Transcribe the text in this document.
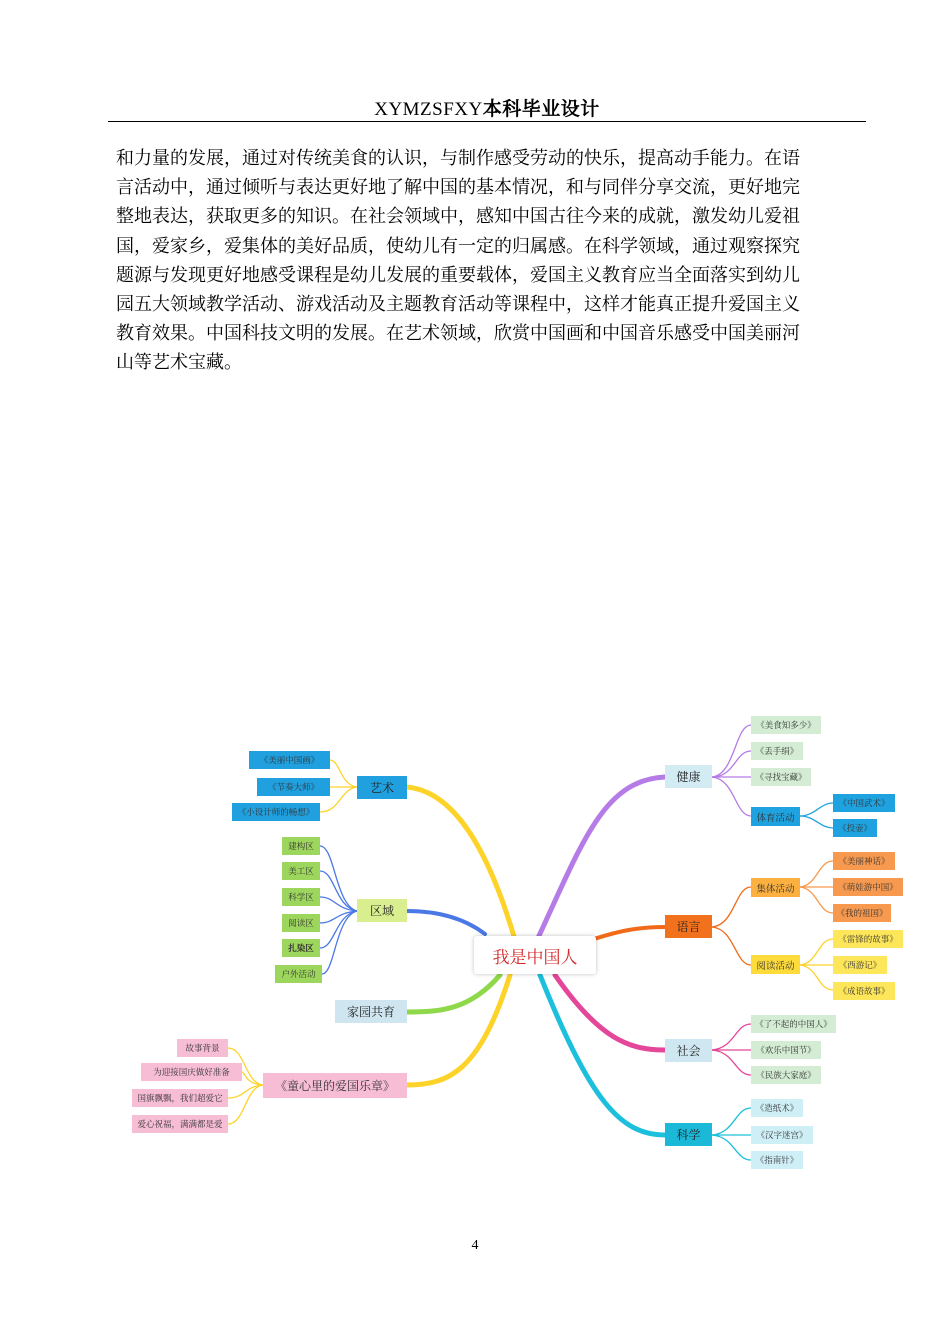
XYMZSFXY本科毕业设计

和力量的发展，通过对传统美食的认识，与制作感受劳动的快乐，提高动手能力。在语

言活动中，通过倾听与表达更好地了解中国的基本情况，和与同伴分享交流，更好地完

整地表达，获取更多的知识。在社会领域中，感知中国古往今来的成就，激发幼儿爱祖

国，爱家乡，爱集体的美好品质，使幼儿有一定的归属感。在科学领域，通过观察探究

题源与发现更好地感受课程是幼儿发展的重要载体，爱国主义教育应当全面落实到幼儿

园五大领域教学活动、游戏活动及主题教育活动等课程中，这样才能真正提升爱国主义

教育效果。中国科技文明的发展。在艺术领域，欣赏中国画和中国音乐感受中国美丽河

山等艺术宝藏。

我是中国人
健康
《美食知多少》
《丢手绢》
《寻找宝藏》
体育活动
《中国武术》
《投壶》
语言
集体活动
《美丽神话》
《萌娃游中国》
《我的祖国》
阅读活动
《雷锋的故事》
《西游记》
《成语故事》
社会
《了不起的中国人》
《欢乐中国节》
《民族大家庭》
科学
《造纸术》
《汉字迷宫》
《指南针》
艺术
《美丽中国画》
《节奏大师》
《小设计师的畅想》
区域
建构区
美工区
科学区
阅读区
扎染区
户外活动
家园共育
《童心里的爱国乐章》
故事背景
为迎接国庆做好准备
国旗飘飘，我们超爱它
爱心祝福，满满都是爱
4
